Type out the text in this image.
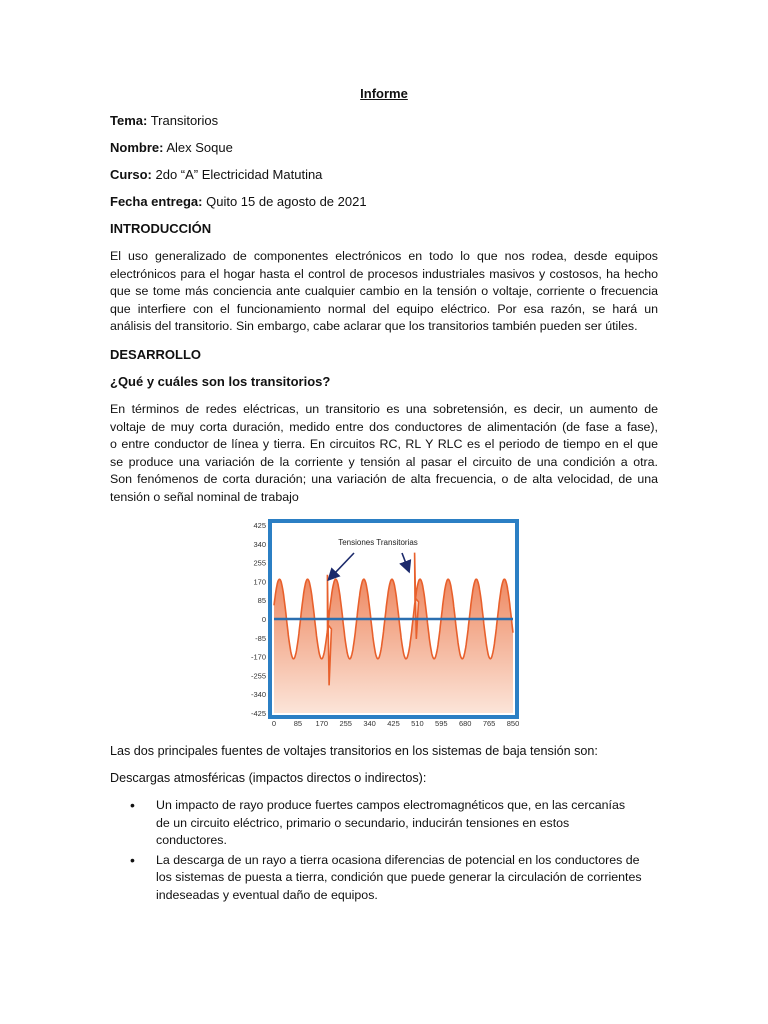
Informe
Tema: Transitorios
Nombre: Alex Soque
Curso: 2do “A” Electricidad Matutina
Fecha entrega: Quito 15 de agosto de 2021
INTRODUCCIÓN
El uso generalizado de componentes electrónicos en todo lo que nos rodea, desde equipos
electrónicos para el hogar hasta el control de procesos industriales masivos y costosos, ha hecho
que se tome más conciencia ante cualquier cambio en la tensión o voltaje, corriente o frecuencia
que interfiere con el funcionamiento normal del equipo eléctrico. Por esa razón, se hará un
análisis del transitorio. Sin embargo, cabe aclarar que los transitorios también pueden ser útiles.
DESARROLLO
¿Qué y cuáles son los transitorios?
En términos de redes eléctricas, un transitorio es una sobretensión, es decir, un aumento de
voltaje de muy corta duración, medido entre dos conductores de alimentación (de fase a fase),
o entre conductor de línea y tierra. En circuitos RC, RL Y RLC es el periodo de tiempo en el que
se produce una variación de la corriente y tensión al pasar el circuito de una condición a otra.
Son fenómenos de corta duración; una variación de alta frecuencia, o de alta velocidad, de una
tensión o señal nominal de trabajo
425
340
255
170
85
0
-85
-170
-255
-340
-425
0 85 170 255 340 425 510 595 680 765 850
Tensiones Transitorias
Las dos principales fuentes de voltajes transitorios en los sistemas de baja tensión son:
Descargas atmosféricas (impactos directos o indirectos):
• Un impacto de rayo produce fuertes campos electromagnéticos que, en las cercanías
de un circuito eléctrico, primario o secundario, inducirán tensiones en estos
conductores.
• La descarga de un rayo a tierra ocasiona diferencias de potencial en los conductores de
los sistemas de puesta a tierra, condición que puede generar la circulación de corrientes
indeseadas y eventual daño de equipos.
